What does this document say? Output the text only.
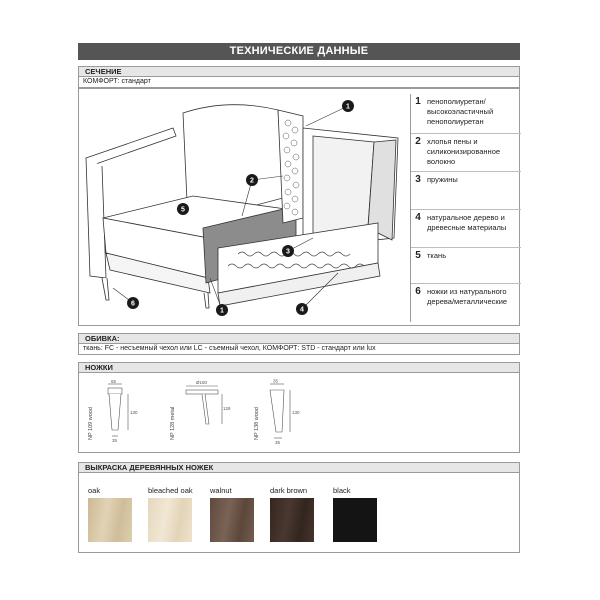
ТЕХНИЧЕСКИЕ ДАННЫЕ
СЕЧЕНИЕ
КОМФОРТ: стандарт
1
2
3
4
5
6
1
1 пенополиуретан/ высокоэластичный пенополиуретан
2 хлопья пены и силиконизированное волокно
3 пружины
4 натуральное дерево и древесные материалы
5 ткань
6 ножки из натурального дерева/металлические
ОБИВКА:
ткань: FC - несъемный чехол или LC - съемный чехол, КОМФОРТ: STD - стандарт или lux
НОЖКИ
65
130
35
NP 109 wood
Ø150
128
NP 128 metal
35
130
35
NP 138 wood
ВЫКРАСКА ДЕРЕВЯННЫХ НОЖЕК
oak	bleached oak walnut	dark brown	black
